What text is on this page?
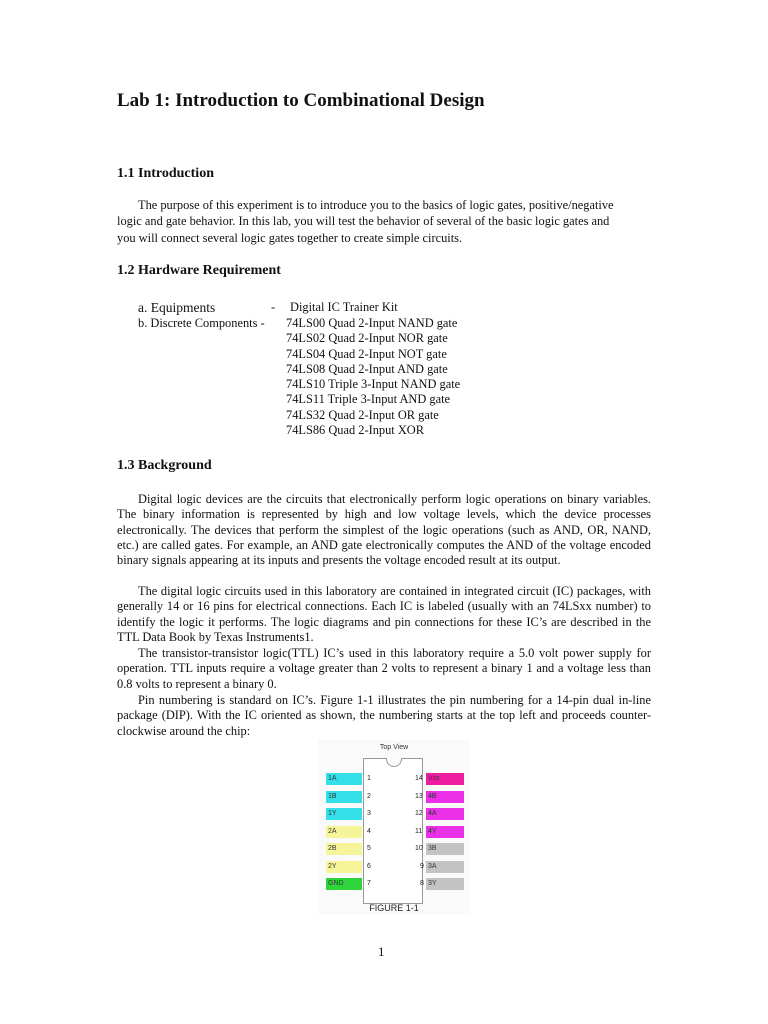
Lab 1: Introduction to Combinational Design
1.1 Introduction
The purpose of this experiment is to introduce you to the basics of logic gates, positive/negative
logic and gate behavior. In this lab, you will test the behavior of several of the basic logic gates and
you will connect several logic gates together to create simple circuits.
1.2 Hardware Requirement
a. Equipments	- Digital IC Trainer Kit
b. Discrete Components - 74LS00 Quad 2-Input NAND gate
74LS02 Quad 2-Input NOR gate
74LS04 Quad 2-Input NOT gate
74LS08 Quad 2-Input AND gate
74LS10 Triple 3-Input NAND gate
74LS11 Triple 3-Input AND gate
74LS32 Quad 2-Input OR gate
74LS86 Quad 2-Input XOR
1.3 Background
Digital logic devices are the circuits that electronically perform logic operations on binary variables. The binary information is represented by high and low voltage levels, which the device processes electronically. The devices that perform the simplest of the logic operations (such as AND, OR, NAND, etc.) are called gates. For example, an AND gate electronically computes the AND of the voltage encoded binary signals appearing at its inputs and presents the voltage encoded result at its output.
The digital logic circuits used in this laboratory are contained in integrated circuit (IC) packages, with generally 14 or 16 pins for electrical connections. Each IC is labeled (usually with an 74LSxx number) to identify the logic it performs. The logic diagrams and pin connections for these IC’s are described in the TTL Data Book by Texas Instruments1.
The transistor-transistor logic(TTL) IC’s used in this laboratory require a 5.0 volt power supply for operation. TTL inputs require a voltage greater than 2 volts to represent a binary 1 and a voltage less than 0.8 volts to represent a binary 0.
Pin numbering is standard on IC’s. Figure 1-1 illustrates the pin numbering for a 14-pin dual in-line package (DIP). With the IC oriented as shown, the numbering starts at the top left and proceeds counter-clockwise around the chip:
Top View
1A	1
1B	2
1Y	3
2A	4
2B	5
2Y	6
GND	7
14 Vcc
13 4B
12 4A
11 4Y
10 3B
9 3A
8 3Y
FIGURE 1-1
1
